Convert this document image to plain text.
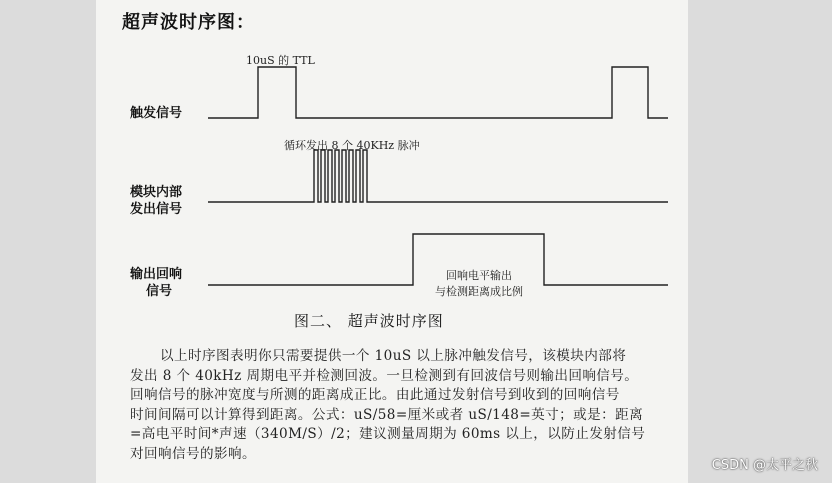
超声波时序图：
触发信号
模块内部
发出信号
输出回响
信号
10uS 的 TTL
循环发出 8 个 40KHz 脉冲
回响电平输出
与检测距离成比例
图二、 超声波时序图
以上时序图表明你只需要提供一个 10uS 以上脉冲触发信号，该模块内部将
发出 8 个 40kHz 周期电平并检测回波。一旦检测到有回波信号则输出回响信号。
回响信号的脉冲宽度与所测的距离成正比。由此通过发射信号到收到的回响信号
时间间隔可以计算得到距离。公式：uS/58=厘米或者 uS/148=英寸；或是：距离
=高电平时间*声速（340M/S）/2；建议测量周期为 60ms 以上，以防止发射信号
对回响信号的影响。
CSDN @太平之秋
